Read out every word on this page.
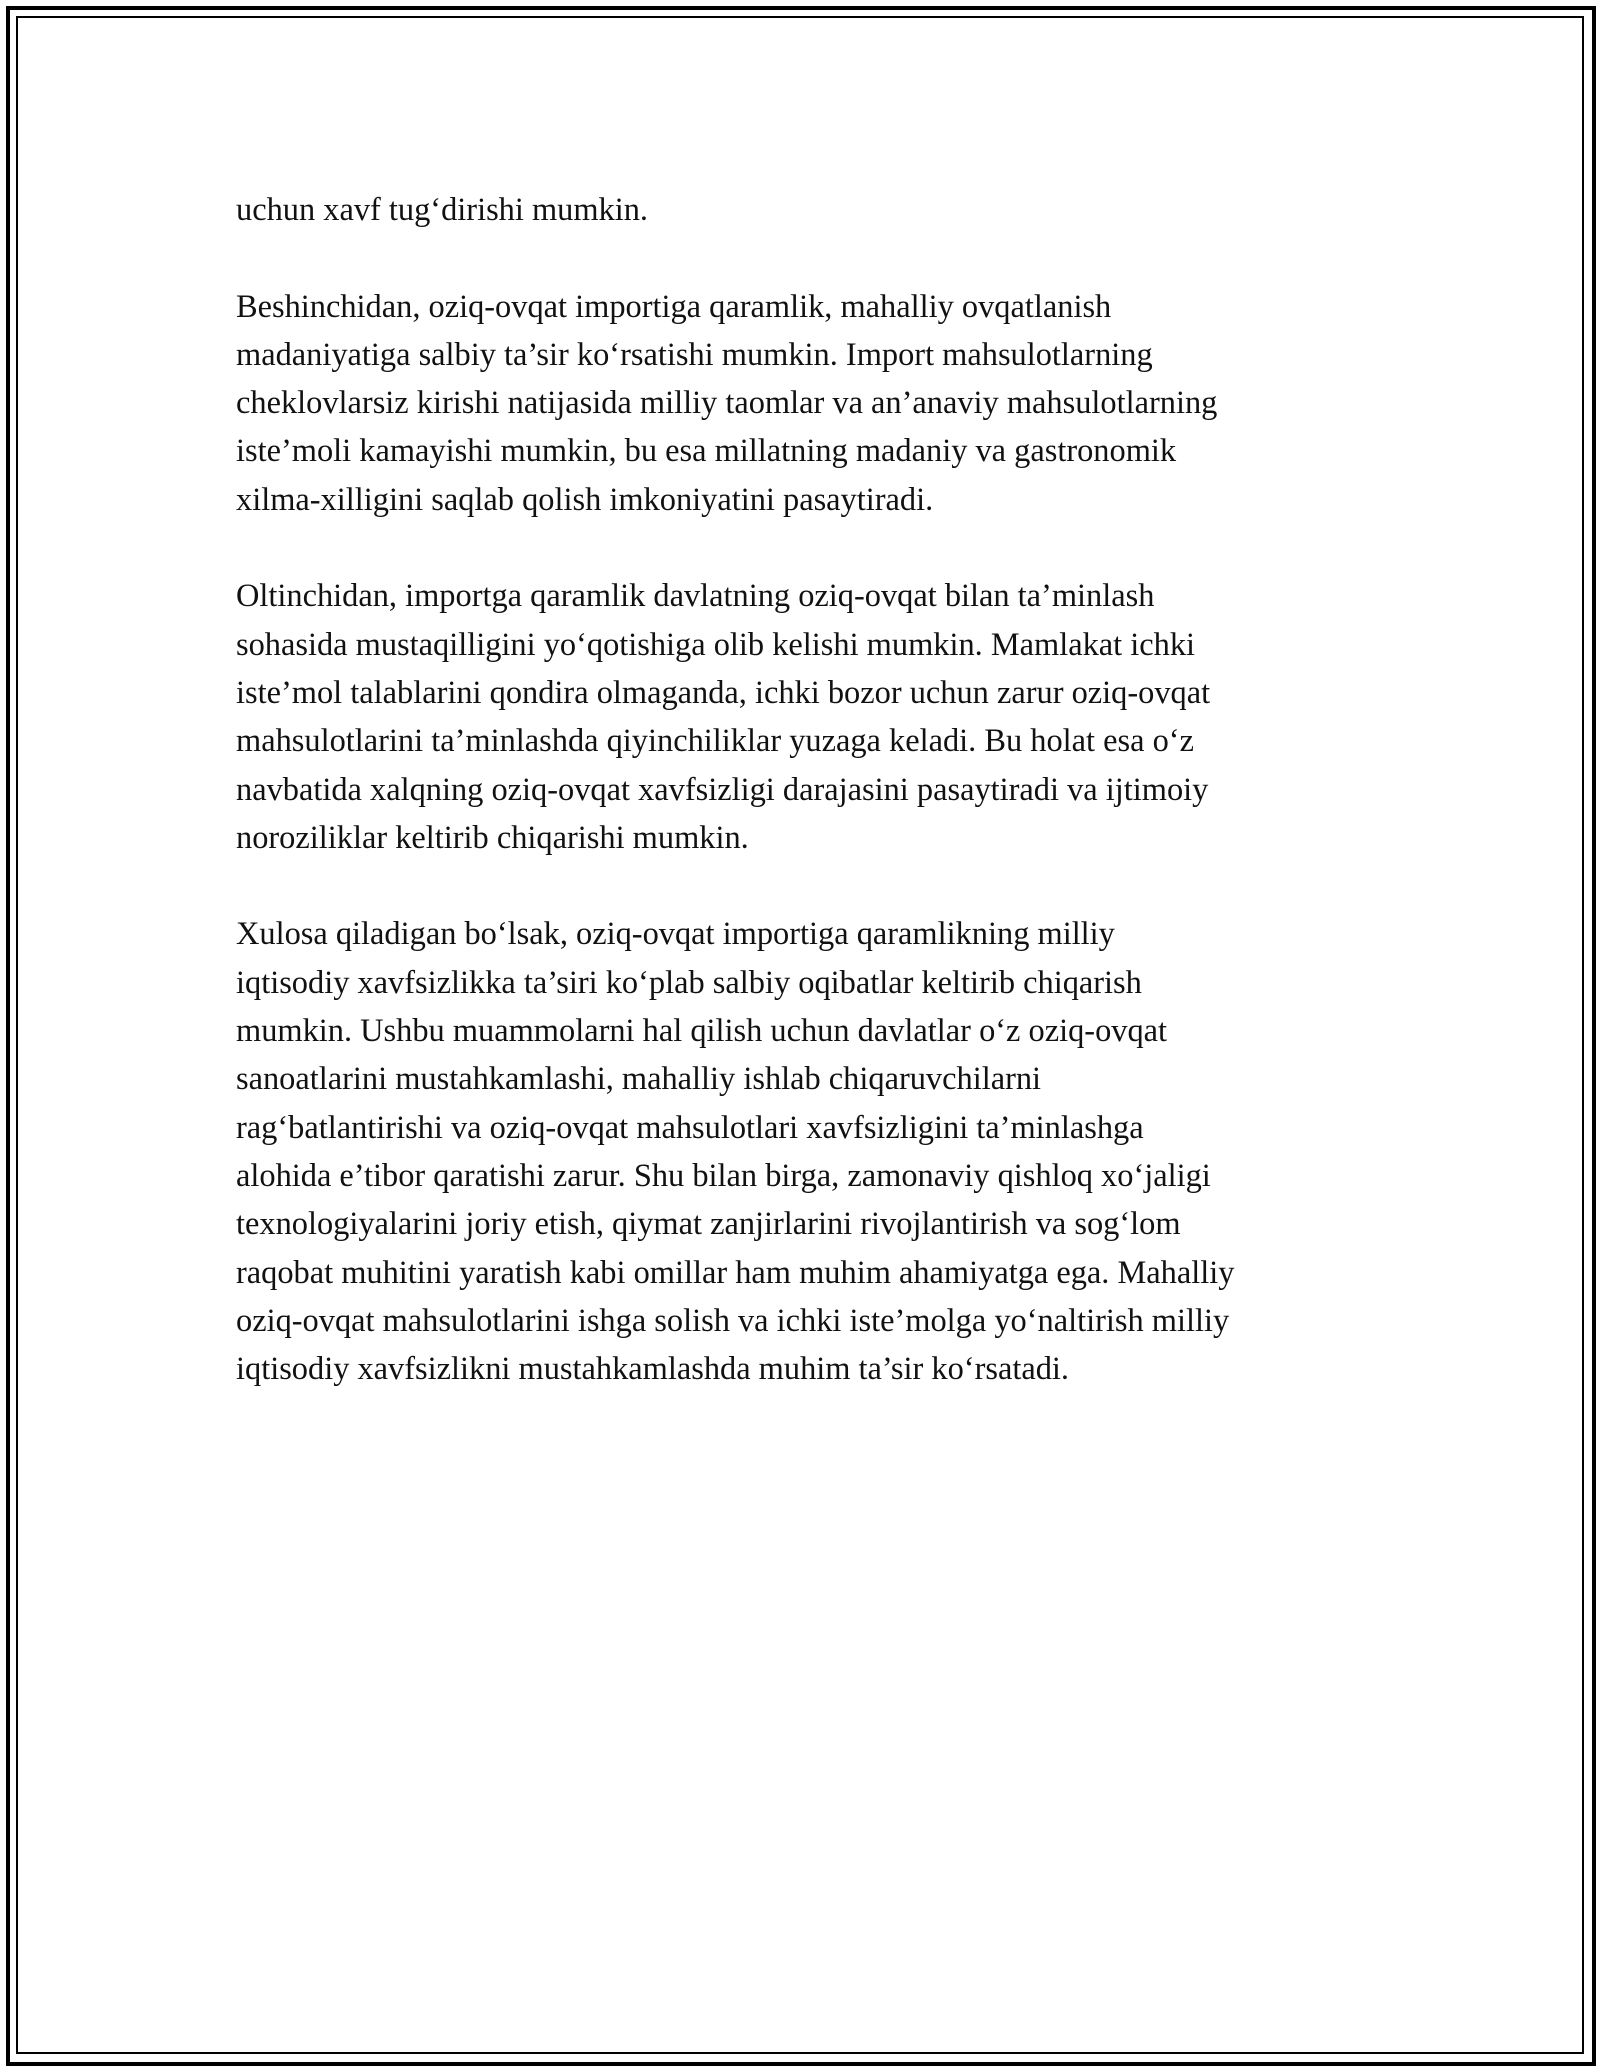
uchun xavf tug‘dirishi mumkin.

Beshinchidan, oziq-ovqat importiga qaramlik, mahalliy ovqatlanish
madaniyatiga salbiy ta’sir ko‘rsatishi mumkin. Import mahsulotlarning
cheklovlarsiz kirishi natijasida milliy taomlar va an’anaviy mahsulotlarning
iste’moli kamayishi mumkin, bu esa millatning madaniy va gastronomik
xilma-xilligini saqlab qolish imkoniyatini pasaytiradi.

Oltinchidan, importga qaramlik davlatning oziq-ovqat bilan ta’minlash
sohasida mustaqilligini yo‘qotishiga olib kelishi mumkin. Mamlakat ichki
iste’mol talablarini qondira olmaganda, ichki bozor uchun zarur oziq-ovqat
mahsulotlarini ta’minlashda qiyinchiliklar yuzaga keladi. Bu holat esa o‘z
navbatida xalqning oziq-ovqat xavfsizligi darajasini pasaytiradi va ijtimoiy
noroziliklar keltirib chiqarishi mumkin.

Xulosa qiladigan bo‘lsak, oziq-ovqat importiga qaramlikning milliy
iqtisodiy xavfsizlikka ta’siri ko‘plab salbiy oqibatlar keltirib chiqarish
mumkin. Ushbu muammolarni hal qilish uchun davlatlar o‘z oziq-ovqat
sanoatlarini mustahkamlashi, mahalliy ishlab chiqaruvchilarni
rag‘batlantirishi va oziq-ovqat mahsulotlari xavfsizligini ta’minlashga
alohida e’tibor qaratishi zarur. Shu bilan birga, zamonaviy qishloq xo‘jaligi
texnologiyalarini joriy etish, qiymat zanjirlarini rivojlantirish va sog‘lom
raqobat muhitini yaratish kabi omillar ham muhim ahamiyatga ega. Mahalliy
oziq-ovqat mahsulotlarini ishga solish va ichki iste’molga yo‘naltirish milliy
iqtisodiy xavfsizlikni mustahkamlashda muhim ta’sir ko‘rsatadi.
